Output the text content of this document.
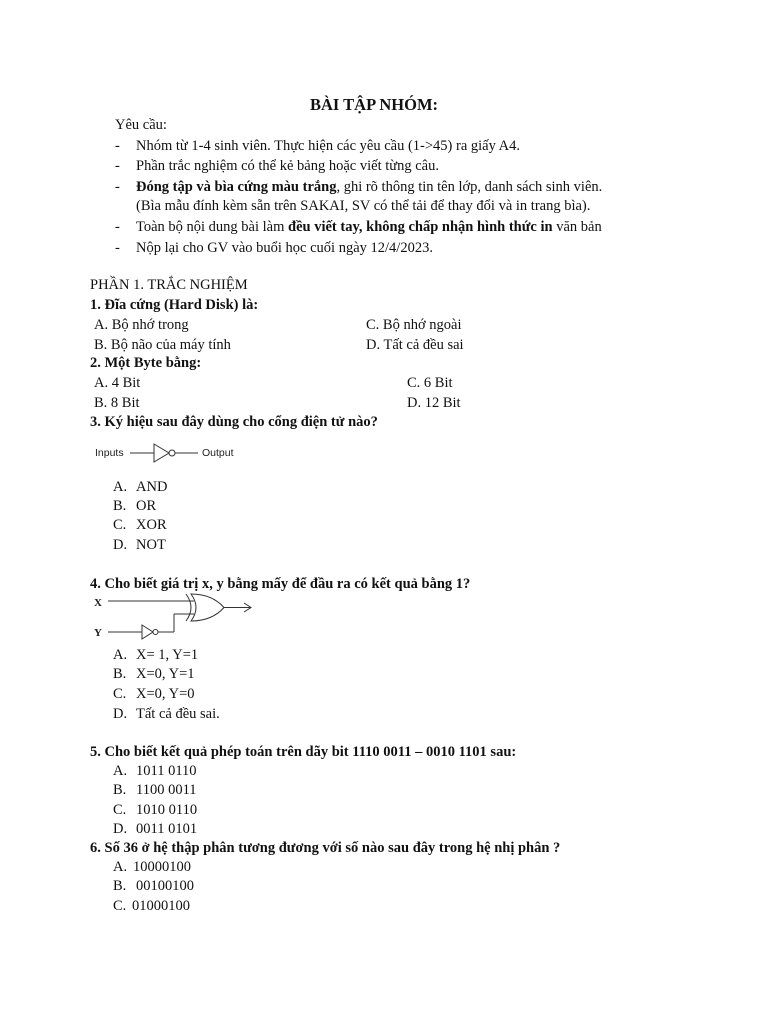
BÀI TẬP NHÓM:
Yêu cầu:
- Nhóm từ 1-4 sinh viên. Thực hiện các yêu cầu (1->45) ra giấy A4.
- Phần trắc nghiệm có thể kẻ bảng hoặc viết từng câu.
- Đóng tập và bìa cứng màu trắng, ghi rõ thông tin tên lớp, danh sách sinh viên.
(Bìa mẫu đính kèm sẵn trên SAKAI, SV có thể tải để thay đổi và in trang bìa).
- Toàn bộ nội dung bài làm đều viết tay, không chấp nhận hình thức in văn bản
- Nộp lại cho GV vào buổi học cuối ngày 12/4/2023.
PHẦN 1. TRẮC NGHIỆM
1. Đĩa cứng (Hard Disk) là:
A. Bộ nhớ trong	C. Bộ nhớ ngoài
B. Bộ não của máy tính	D. Tất cả đều sai
2. Một Byte bằng:
A. 4 Bit	C. 6 Bit
B. 8 Bit	D. 12 Bit
3. Ký hiệu sau đây dùng cho cổng điện tử nào?
Inputs	Output
A. AND
B. OR
C. XOR
D. NOT
4. Cho biết giá trị x, y bằng mấy để đầu ra có kết quả bằng 1?
X
Y
A. X= 1, Y=1
B. X=0, Y=1
C. X=0, Y=0
D. Tất cả đều sai.
5. Cho biết kết quả phép toán trên dãy bit 1110 0011 – 0010 1101 sau:
A. 1011 0110
B. 1100 0011
C. 1010 0110
D. 0011 0101
6. Số 36 ở hệ thập phân tương đương với số nào sau đây trong hệ nhị phân ?
A. 10000100
B. 00100100
C. 01000100
